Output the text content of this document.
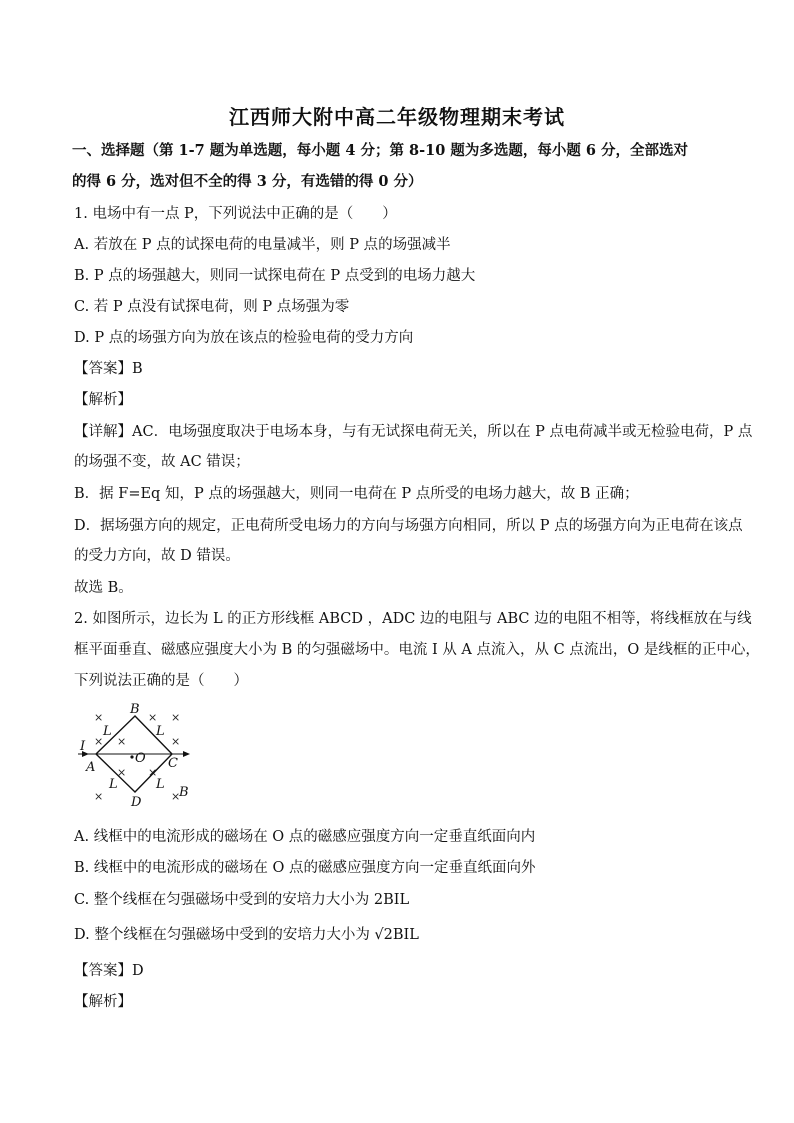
江西师大附中高二年级物理期末考试
一、选择题（第 1-7 题为单选题，每小题 4 分；第 8-10 题为多选题，每小题 6 分，全部选对
的得 6 分，选对但不全的得 3 分，有选错的得 0 分）
1. 电场中有一点 P，下列说法中正确的是（　　）
A. 若放在 P 点的试探电荷的电量减半，则 P 点的场强减半
B. P 点的场强越大，则同一试探电荷在 P 点受到的电场力越大
C. 若 P 点没有试探电荷，则 P 点场强为零
D. P 点的场强方向为放在该点的检验电荷的受力方向
【答案】B
【解析】
【详解】AC．电场强度取决于电场本身，与有无试探电荷无关，所以在 P 点电荷减半或无检验电荷，P 点
的场强不变，故 AC 错误；
B．据 F=Eq 知，P 点的场强越大，则同一电荷在 P 点所受的电场力越大，故 B 正确；
D．据场强方向的规定，正电荷所受电场力的方向与场强方向相同，所以 P 点的场强方向为正电荷在该点
的受力方向，故 D 错误。
故选 B。
2. 如图所示，边长为 L 的正方形线框 ABCD ，ADC 边的电阻与 ABC 边的电阻不相等，将线框放在与线
框平面垂直、磁感应强度大小为 B 的匀强磁场中。电流 I 从 A 点流入，从 C 点流出，O 是线框的正中心，
下列说法正确的是（　　）
×	× ×
× ×	×
× ×
×	×
B
A	C
D
O
I
L	L
L	L
B
A. 线框中的电流形成的磁场在 O 点的磁感应强度方向一定垂直纸面向内
B. 线框中的电流形成的磁场在 O 点的磁感应强度方向一定垂直纸面向外
C. 整个线框在匀强磁场中受到的安培力大小为 2BIL
D. 整个线框在匀强磁场中受到的安培力大小为 √2BIL
【答案】D
【解析】
